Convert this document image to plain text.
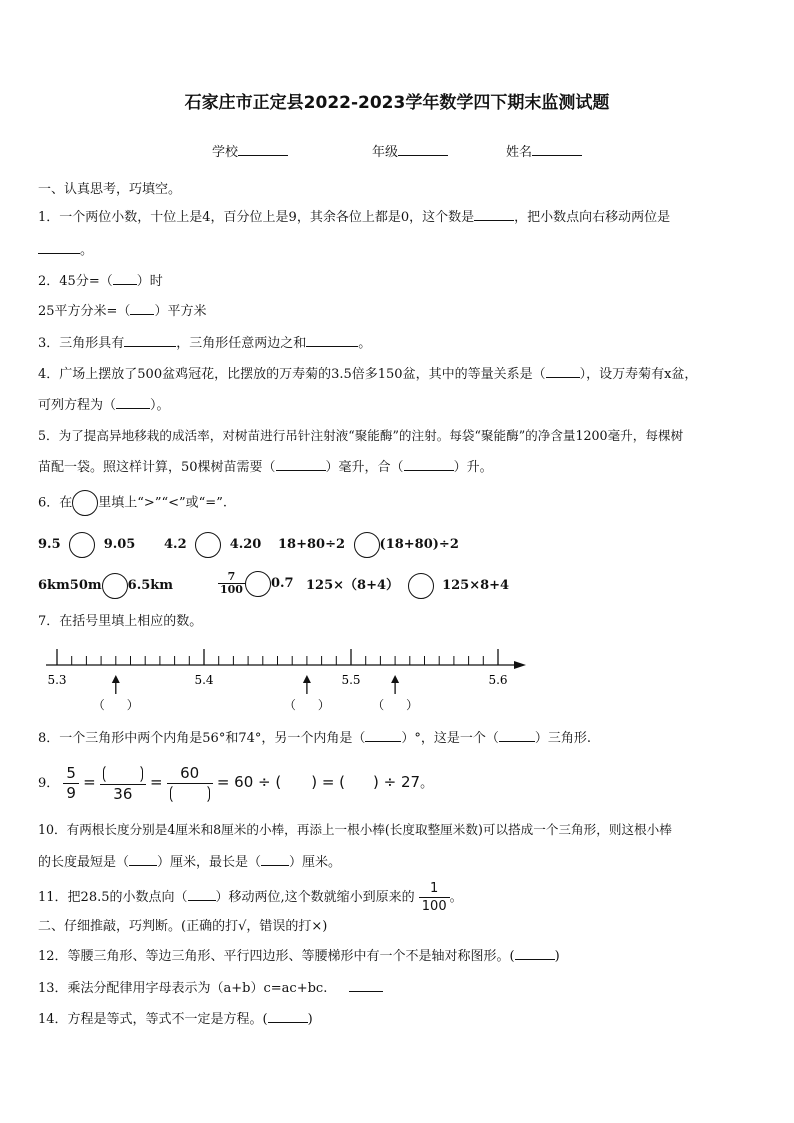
石家庄市正定县2022-2023学年数学四下期末监测试题
学校	年级	姓名
一、认真思考，巧填空。
1．一个两位小数，十位上是4，百分位上是9，其余各位上都是0，这个数是	，把小数点向右移动两位是
。
2．45分=（ ）时
25平方分米=（ ）平方米
3．三角形具有	，三角形任意两边之和	。
4．广场上摆放了500盆鸡冠花，比摆放的万寿菊的3.5倍多150盆，其中的等量关系是（	），设万寿菊有x盆，
可列方程为（	）。
5．为了提高异地移栽的成活率，对树苗进行吊针注射液“聚能酶”的注射。每袋“聚能酶”的净含量1200毫升，每棵树
苗配一袋。照这样计算，50棵树苗需要（	）毫升，合（	）升。
6．在 里填上“>”“<”或“=”.
9.5	9.05 4.2	4.20 18+80÷2	(18+80)÷2
6km50m 6.5km	$\frac{7}{100} 0.7$ 125×（8+4）	125×8+4
7．在括号里填上相应的数。
（ ）	（ ）	（ ）
5.3	5.4	5.5	5.6
8．一个三角形中两个内角是56°和74°，另一个内角是（	）°，这是一个（	）三角形.
9． $\frac{5}{9}$ =
36
=
60
= 60 ÷ ( ) = ( ) ÷ 27。
10．有两根长度分别是4厘米和8厘米的小棒，再添上一根小棒(长度取整厘米数)可以搭成一个三角形，则这根小棒
的长度最短是（ ）厘米，最长是（ ）厘米。
11．把28.5的小数点向（ ）移动两位,这个数就缩小到原来的 $\frac{1}{100}$ 。
二、仔细推敲，巧判断。(正确的打√，错误的打×)
12．等腰三角形、等边三角形、平行四边形、等腰梯形中有一个不是轴对称图形。(	)
13．乘法分配律用字母表示为（a+b）c=ac+bc.
14．方程是等式，等式不一定是方程。(	)
